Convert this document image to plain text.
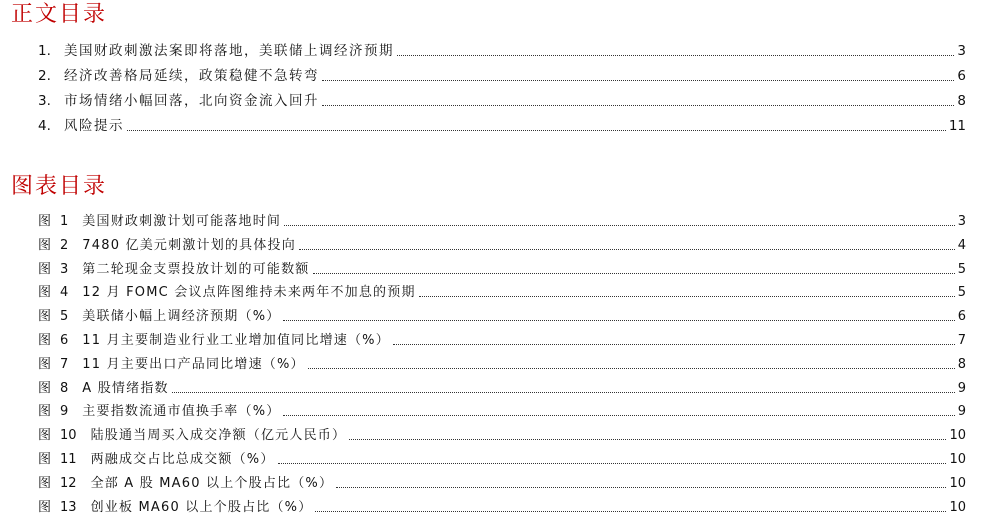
正文目录
1. 美国财政刺激法案即将落地，美联储上调经济预期	3
2. 经济改善格局延续，政策稳健不急转弯	6
3. 市场情绪小幅回落，北向资金流入回升	8
4. 风险提示	11
图表目录
图 1 美国财政刺激计划可能落地时间	3
图 2 7480 亿美元刺激计划的具体投向	4
图 3 第二轮现金支票投放计划的可能数额	5
图 4 12 月 FOMC 会议点阵图维持未来两年不加息的预期	5
图 5 美联储小幅上调经济预期（%）	6
图 6 11 月主要制造业行业工业增加值同比增速（%）	7
图 7 11 月主要出口产品同比增速（%）	8
图 8 A 股情绪指数	9
图 9 主要指数流通市值换手率（%）	9
图 10 陆股通当周买入成交净额（亿元人民币）	10
图 11 两融成交占比总成交额（%）	10
图 12 全部 A 股 MA60 以上个股占比（%）	10
图 13 创业板 MA60 以上个股占比（%）	10
